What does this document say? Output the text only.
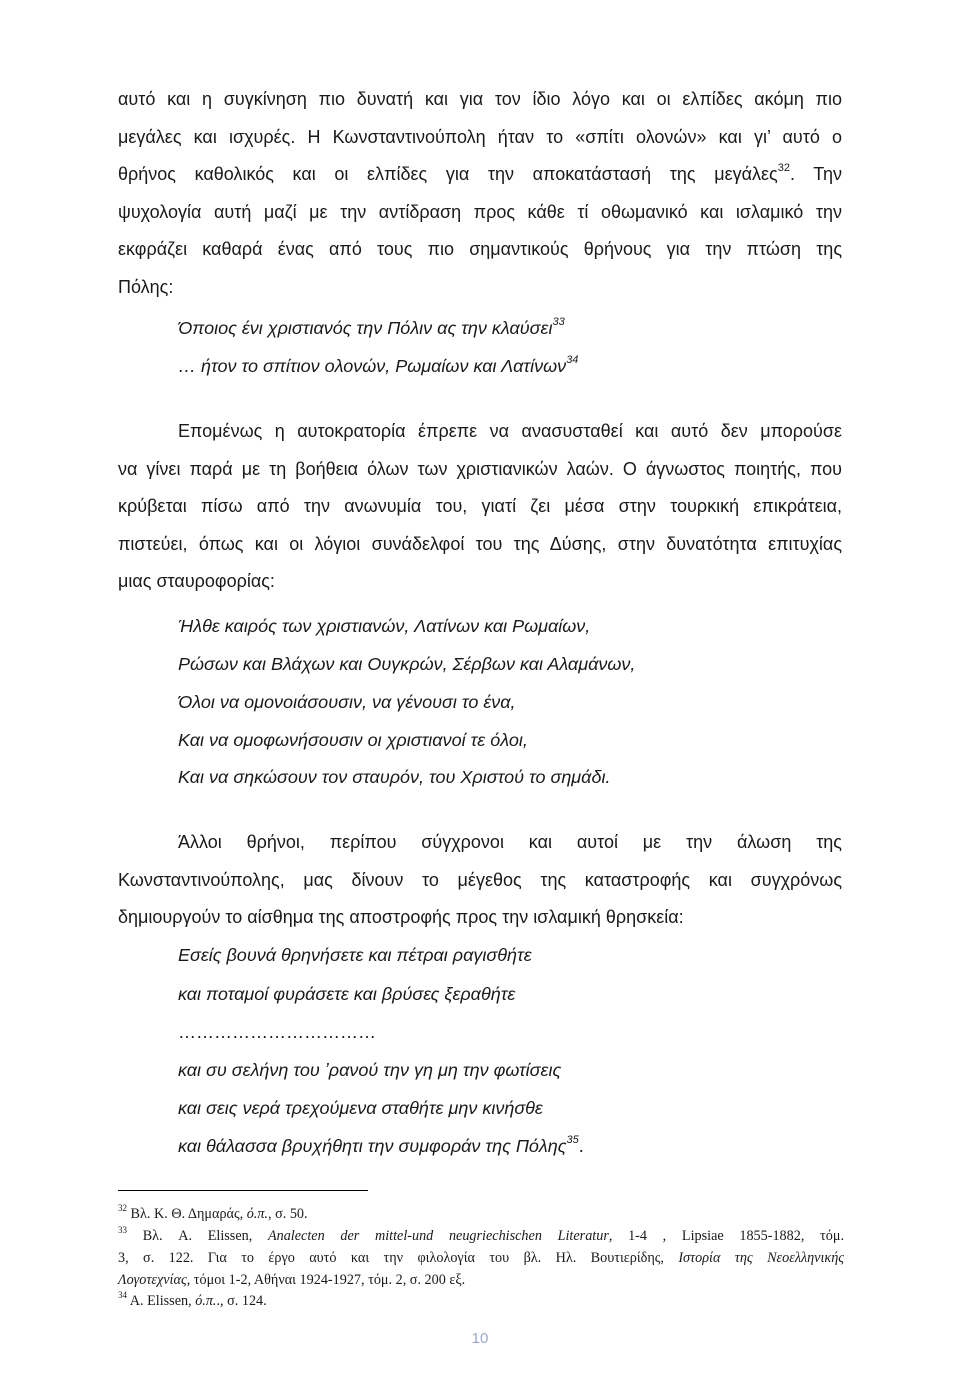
αυτό και η συγκίνηση πιο δυνατή και για τον ίδιο λόγο και οι ελπίδες ακόμη πιο
μεγάλες και ισχυρές. Η Κωνσταντινούπολη ήταν το «σπίτι ολονών» και γι’ αυτό ο
θρήνος καθολικός και οι ελπίδες για την αποκατάστασή της μεγάλες$^{32}$. Την
ψυχολογία αυτή μαζί με την αντίδραση προς κάθε τί οθωμανικό και ισλαμικό την
εκφράζει καθαρά ένας από τους πιο σημαντικούς θρήνους για την πτώση της
Πόλης:
Όποιος ένι χριστιανός την Πόλιν ας την κλαύσει$^{33}$
… ήτον το σπίτιον ολονών, Ρωμαίων και Λατίνων$^{34}$
Επομένως η αυτοκρατορία έπρεπε να ανασυσταθεί και αυτό δεν μπορούσε
να γίνει παρά με τη βοήθεια όλων των χριστιανικών λαών. Ο άγνωστος ποιητής, που
κρύβεται πίσω από την ανωνυμία του, γιατί ζει μέσα στην τουρκική επικράτεια,
πιστεύει, όπως και οι λόγιοι συνάδελφοί του της Δύσης, στην δυνατότητα επιτυχίας
μιας σταυροφορίας:
Ήλθε καιρός των χριστιανών, Λατίνων και Ρωμαίων,
Ρώσων και Βλάχων και Ουγκρών, Σέρβων και Αλαμάνων,
Όλοι να ομονοιάσουσιν, να γένουσι το ένα,
Και να ομοφωνήσουσιν οι χριστιανοί τε όλοι,
Και να σηκώσουν τον σταυρόν, του Χριστού το σημάδι.
Άλλοι θρήνοι, περίπου σύγχρονοι και αυτοί με την άλωση της
Κωνσταντινούπολης, μας δίνουν το μέγεθος της καταστροφής και συγχρόνως
δημιουργούν το αίσθημα της αποστροφής προς την ισλαμική θρησκεία:
Εσείς βουνά θρηνήσετε και πέτραι ραγισθήτε
και ποταμοί φυράσετε και βρύσες ξεραθήτε
……………………………
και συ σελήνη του ’ρανού την γη μη την φωτίσεις
και σεις νερά τρεχούμενα σταθήτε μην κινήσθε
και θάλασσα βρυχήθητι την συμφοράν της Πόλης$^{35}$.
$^{32}$ Βλ. Κ. Θ. Δημαράς, ό.π., σ. 50.
$^{33}$ Βλ. A. Elissen, Analecten der mittel-und neugriechischen Literatur, 1-4 , Lipsiae 1855-1882, τόμ.
3, σ. 122. Για το έργο αυτό και την φιλολογία του βλ. Ηλ. Βουτιερίδης, Ιστορία της Νεοελληνικής
Λογοτεχνίας, τόμοι 1-2, Αθήναι 1924-1927, τόμ. 2, σ. 200 εξ.
$^{34}$ A. Elissen, ό.π.., σ. 124.
10
